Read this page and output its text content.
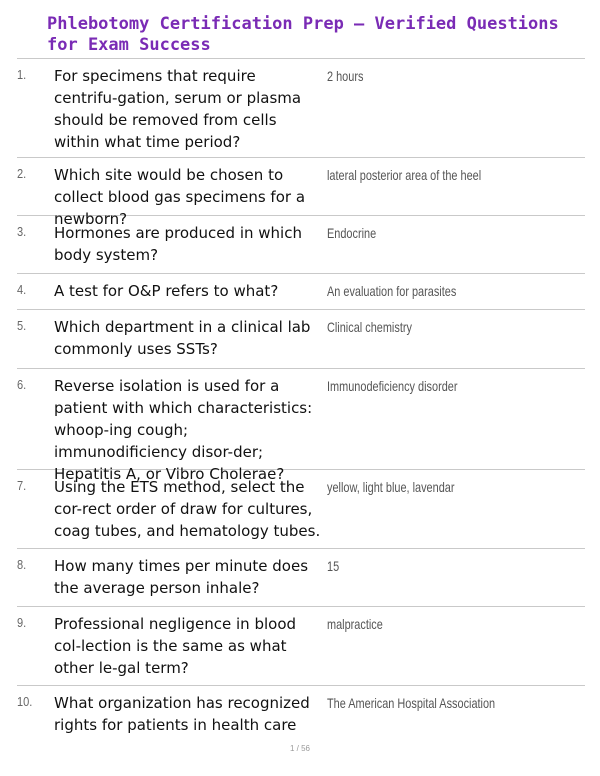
Phlebotomy Certification Prep – Verified Questions for Exam Success
1.	For specimens that require centrifu-gation, serum or plasma should be removed from cells within what time period?
2 hours
2.	Which site would be chosen to collect blood gas specimens for a newborn?
lateral posterior area of the heel
3.	Hormones are produced in which body system?
Endocrine
4.	A test for O&P refers to what?	An evaluation for parasites
5.	Which department in a clinical lab commonly uses SSTs?
Clinical chemistry
6.	Reverse isolation is used for a patient with which characteristics: whoop-ing cough; immunodificiency disor-der; Hepatitis A, or Vibro Cholerae?
Immunodeficiency disorder
7.	Using the ETS method, select the cor-rect order of draw for cultures, coag tubes, and hematology tubes.
yellow, light blue, lavendar
8.	How many times per minute does the average person inhale?
15
9.	Professional negligence in blood col-lection is the same as what other le-gal term?
malpractice
10.	What organization has recognized rights for patients in health care
The American Hospital Association
1 / 56
